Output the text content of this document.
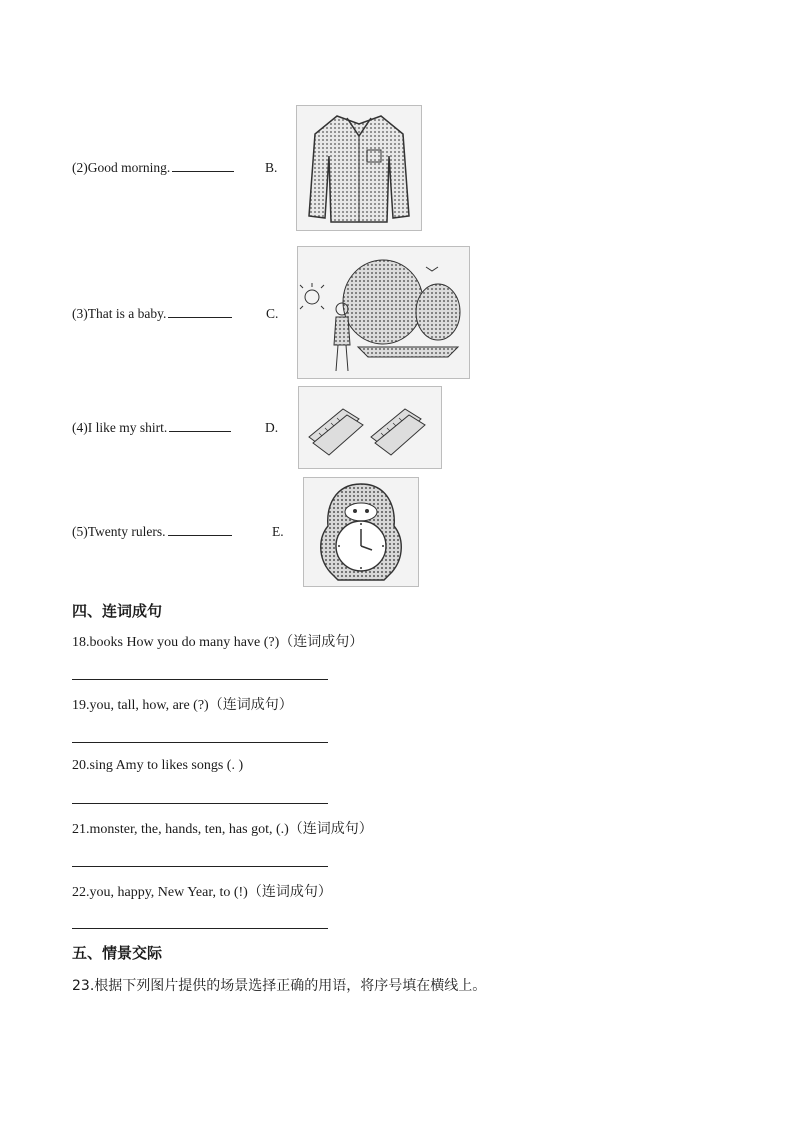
(2)Good morning.	B.
(3)That is a baby.	C.
(4)I like my shirt.	D.
(5)Twenty rulers.	E.
四、连词成句
18.books How you do many have (?)（连词成句）
19.you, tall, how, are (?)（连词成句）
20.sing Amy to likes songs (. )
21.monster, the, hands, ten, has got, (.)（连词成句）
22.you, happy, New Year, to (!)（连词成句）
五、情景交际
23.根据下列图片提供的场景选择正确的用语，将序号填在横线上。
